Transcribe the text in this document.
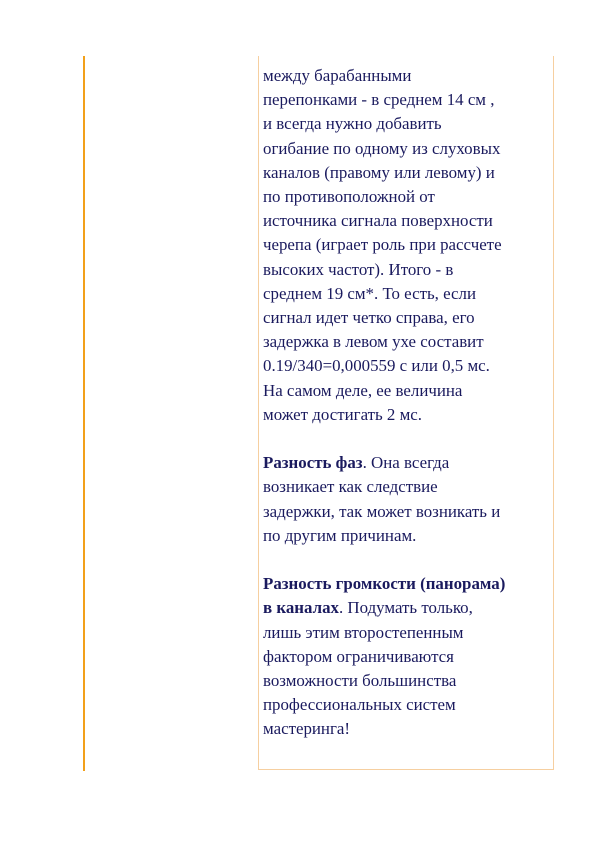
между барабанными
перепонками - в среднем 14 см ,
и всегда нужно добавить
огибание по одному из слуховых
каналов (правому или левому) и
по противоположной от
источника сигнала поверхности
черепа (играет роль при рассчете
высоких частот). Итого - в
среднем 19 см*. То есть, если
сигнал идет четко справа, его
задержка в левом ухе составит
0.19/340=0,000559 с или 0,5 мс.
На самом деле, ее величина
может достигать 2 мс.

Разность фаз. Она всегда
возникает как следствие
задержки, так может возникать и
по другим причинам.

Разность громкости (панорама)
в каналах. Подумать только,
лишь этим второстепенным
фактором ограничиваются
возможности большинства
профессиональных систем
мастеринга!
